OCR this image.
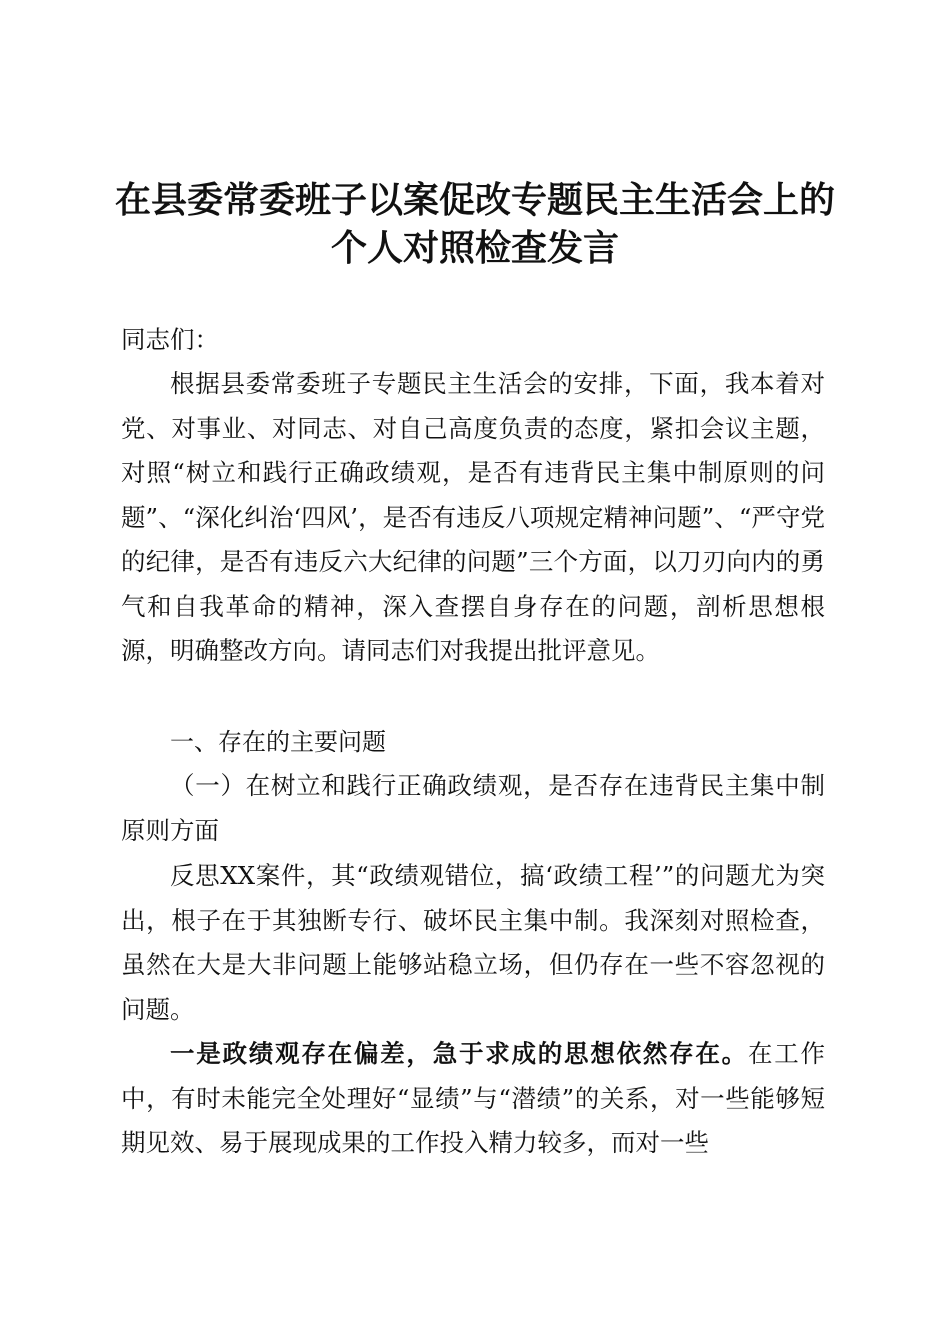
在县委常委班子以案促改专题民主生活会上的
个人对照检查发言

同志们：

根据县委常委班子专题民主生活会的安排，下面，我本着对党、对事业、对同志、对自己高度负责的态度，紧扣会议主题，对照“树立和践行正确政绩观，是否有违背民主集中制原则的问题”、“深化纠治‘四风’，是否有违反八项规定精神问题”、“严守党的纪律，是否有违反六大纪律的问题”三个方面，以刀刃向内的勇气和自我革命的精神，深入查摆自身存在的问题，剖析思想根源，明确整改方向。请同志们对我提出批评意见。

一、存在的主要问题

（一）在树立和践行正确政绩观，是否存在违背民主集中制原则方面

反思XX案件，其“政绩观错位，搞‘政绩工程’”的问题尤为突出，根子在于其独断专行、破坏民主集中制。我深刻对照检查，虽然在大是大非问题上能够站稳立场，但仍存在一些不容忽视的问题。

一是政绩观存在偏差，急于求成的思想依然存在。在工作中，有时未能完全处理好“显绩”与“潜绩”的关系，对一些能够短期见效、易于展现成果的工作投入精力较多，而对一些
